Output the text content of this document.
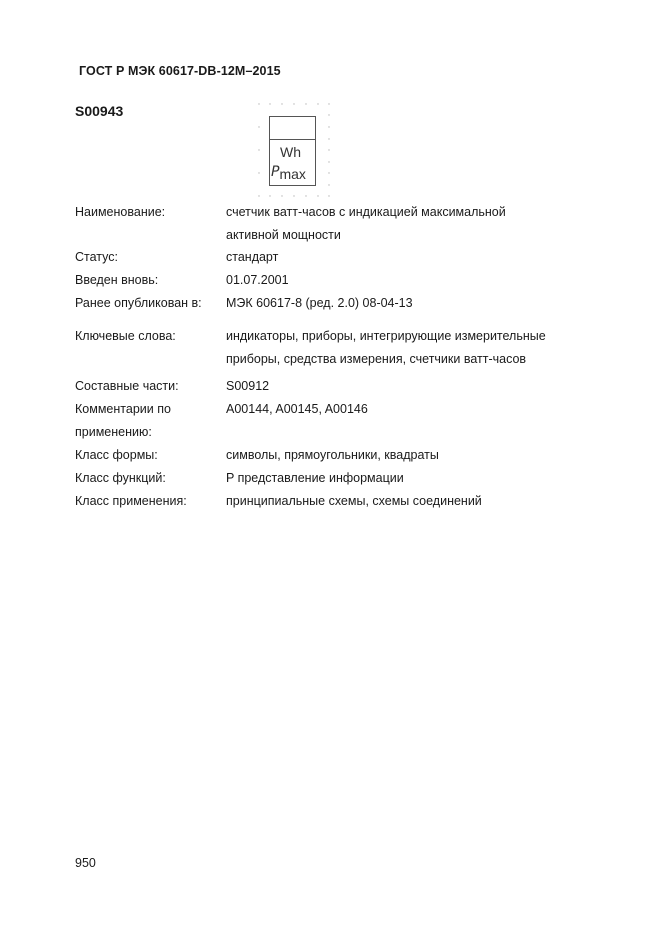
ГОСТ Р МЭК 60617-DB-12M–2015
S00943
Wh
Pmax
Наименование:	счетчик ватт-часов с индикацией максимальной активной мощности
Статус:	стандарт
Введен вновь:	01.07.2001
Ранее опубликован в:	МЭК 60617-8 (ред. 2.0) 08-04-13
Ключевые слова:	индикаторы, приборы, интегрирующие измерительные приборы, средства измерения, счетчики ватт-часов
Составные части:	S00912
Комментарии по применению:
A00144, A00145, A00146
Класс формы:	символы, прямоугольники, квадраты
Класс функций:	P представление информации
Класс применения:	принципиальные схемы, схемы соединений
950
